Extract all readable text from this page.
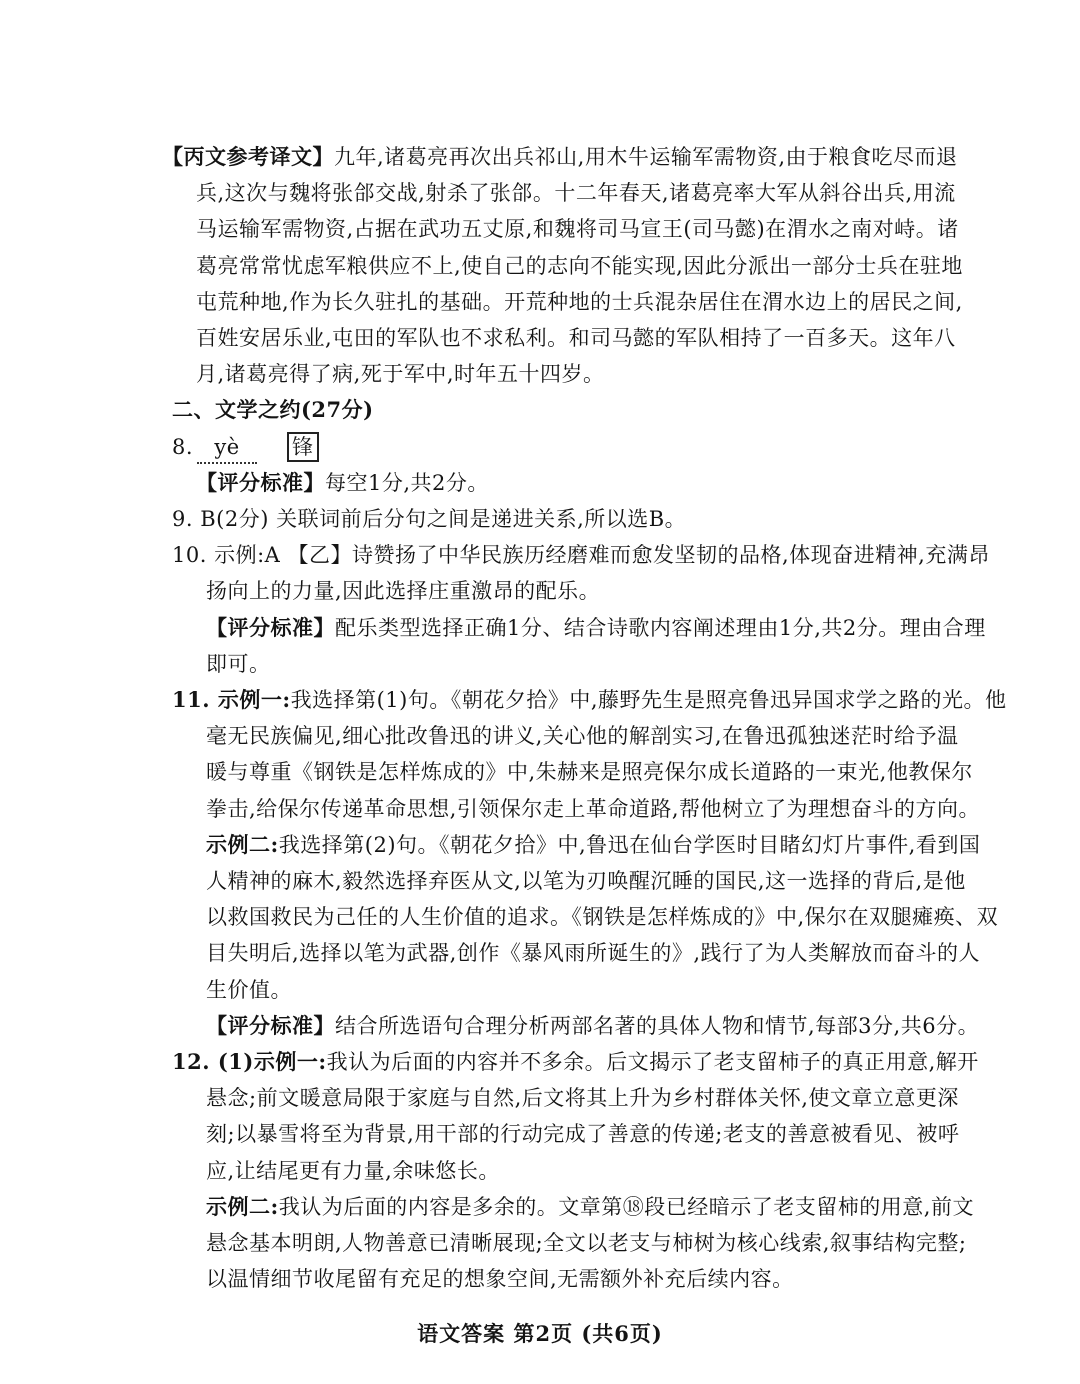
【丙文参考译文】九年,诸葛亮再次出兵祁山,用木牛运输军需物资,由于粮食吃尽而退
兵,这次与魏将张郃交战,射杀了张郃。十二年春天,诸葛亮率大军从斜谷出兵,用流
马运输军需物资,占据在武功五丈原,和魏将司马宣王(司马懿)在渭水之南对峙。诸
葛亮常常忧虑军粮供应不上,使自己的志向不能实现,因此分派出一部分士兵在驻地
屯荒种地,作为长久驻扎的基础。开荒种地的士兵混杂居住在渭水边上的居民之间,
百姓安居乐业,屯田的军队也不求私利。和司马懿的军队相持了一百多天。这年八
月,诸葛亮得了病,死于军中,时年五十四岁。
二、文学之约(27分)
8. yè 锋
【评分标准】每空1分,共2分。
9. B(2分) 关联词前后分句之间是递进关系,所以选B。
10. 示例:A 【乙】诗赞扬了中华民族历经磨难而愈发坚韧的品格,体现奋进精神,充满昂
扬向上的力量,因此选择庄重激昂的配乐。
【评分标准】配乐类型选择正确1分、结合诗歌内容阐述理由1分,共2分。理由合理
即可。
11. 示例一:我选择第(1)句。《朝花夕拾》中,藤野先生是照亮鲁迅异国求学之路的光。他
毫无民族偏见,细心批改鲁迅的讲义,关心他的解剖实习,在鲁迅孤独迷茫时给予温
暖与尊重《钢铁是怎样炼成的》中,朱赫来是照亮保尔成长道路的一束光,他教保尔
拳击,给保尔传递革命思想,引领保尔走上革命道路,帮他树立了为理想奋斗的方向。
示例二:我选择第(2)句。《朝花夕拾》中,鲁迅在仙台学医时目睹幻灯片事件,看到国
人精神的麻木,毅然选择弃医从文,以笔为刃唤醒沉睡的国民,这一选择的背后,是他
以救国救民为己任的人生价值的追求。《钢铁是怎样炼成的》中,保尔在双腿瘫痪、双
目失明后,选择以笔为武器,创作《暴风雨所诞生的》,践行了为人类解放而奋斗的人
生价值。
【评分标准】结合所选语句合理分析两部名著的具体人物和情节,每部3分,共6分。
12. (1)示例一:我认为后面的内容并不多余。后文揭示了老支留柿子的真正用意,解开
悬念;前文暖意局限于家庭与自然,后文将其上升为乡村群体关怀,使文章立意更深
刻;以暴雪将至为背景,用干部的行动完成了善意的传递;老支的善意被看见、被呼
应,让结尾更有力量,余味悠长。
语文答案 第2页 (共6页)
示例二:我认为后面的内容是多余的。文章第⑱段已经暗示了老支留柿的用意,前文
悬念基本明朗,人物善意已清晰展现;全文以老支与柿树为核心线索,叙事结构完整;
以温情细节收尾留有充足的想象空间,无需额外补充后续内容。
